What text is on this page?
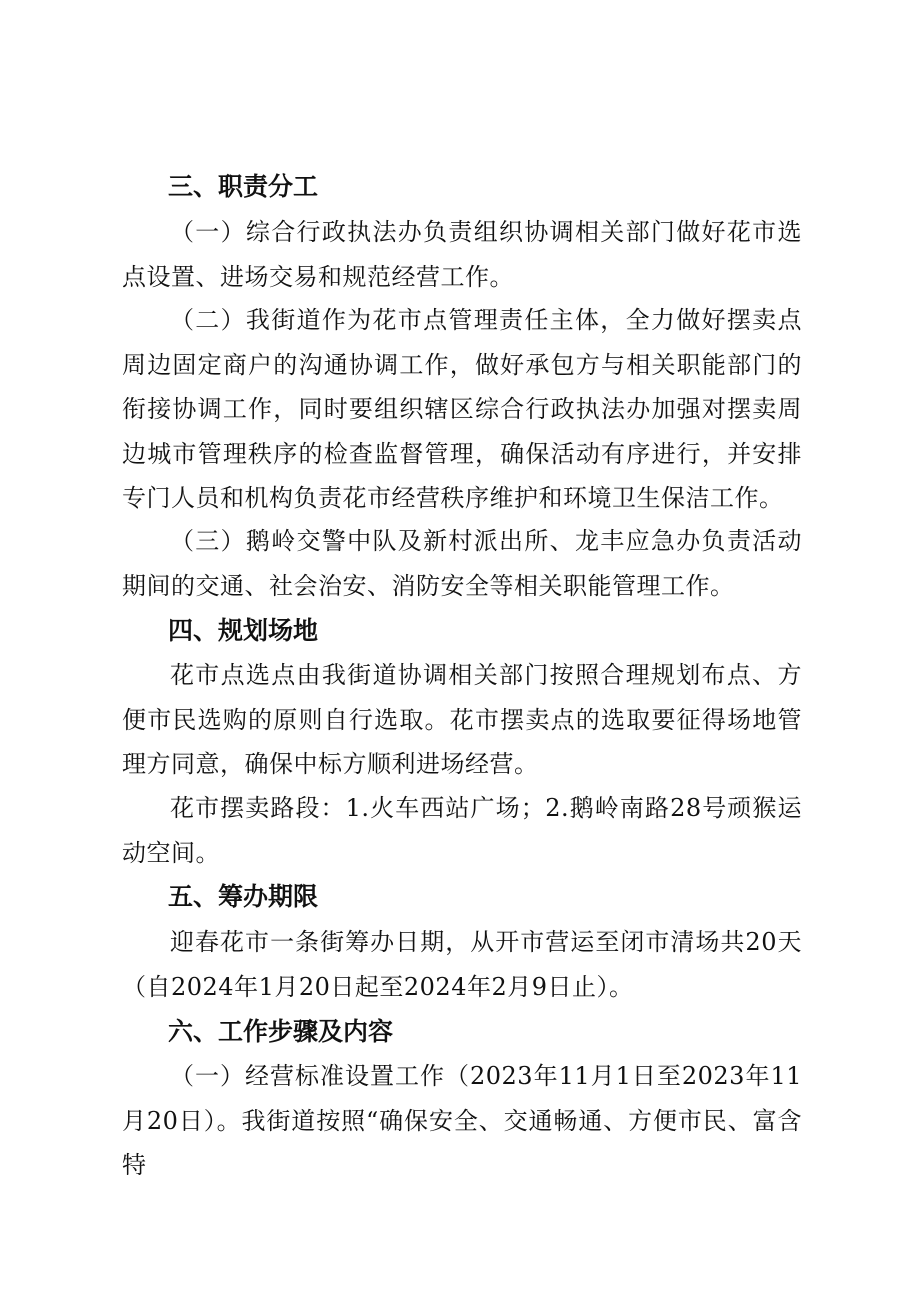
三、职责分工
（一）综合行政执法办负责组织协调相关部门做好花市选点设置、进场交易和规范经营工作。
（二）我街道作为花市点管理责任主体，全力做好摆卖点周边固定商户的沟通协调工作，做好承包方与相关职能部门的衔接协调工作，同时要组织辖区综合行政执法办加强对摆卖周边城市管理秩序的检查监督管理，确保活动有序进行，并安排专门人员和机构负责花市经营秩序维护和环境卫生保洁工作。
（三）鹅岭交警中队及新村派出所、龙丰应急办负责活动期间的交通、社会治安、消防安全等相关职能管理工作。
四、规划场地
花市点选点由我街道协调相关部门按照合理规划布点、方便市民选购的原则自行选取。花市摆卖点的选取要征得场地管理方同意，确保中标方顺利进场经营。
花市摆卖路段：1.火车西站广场；2.鹅岭南路28号顽猴运动空间。
五、筹办期限
迎春花市一条街筹办日期，从开市营运至闭市清场共20天（自2024年1月20日起至2024年2月9日止）。
六、工作步骤及内容
（一）经营标准设置工作（2023年11月1日至2023年11月20日）。我街道按照“确保安全、交通畅通、方便市民、富含特
